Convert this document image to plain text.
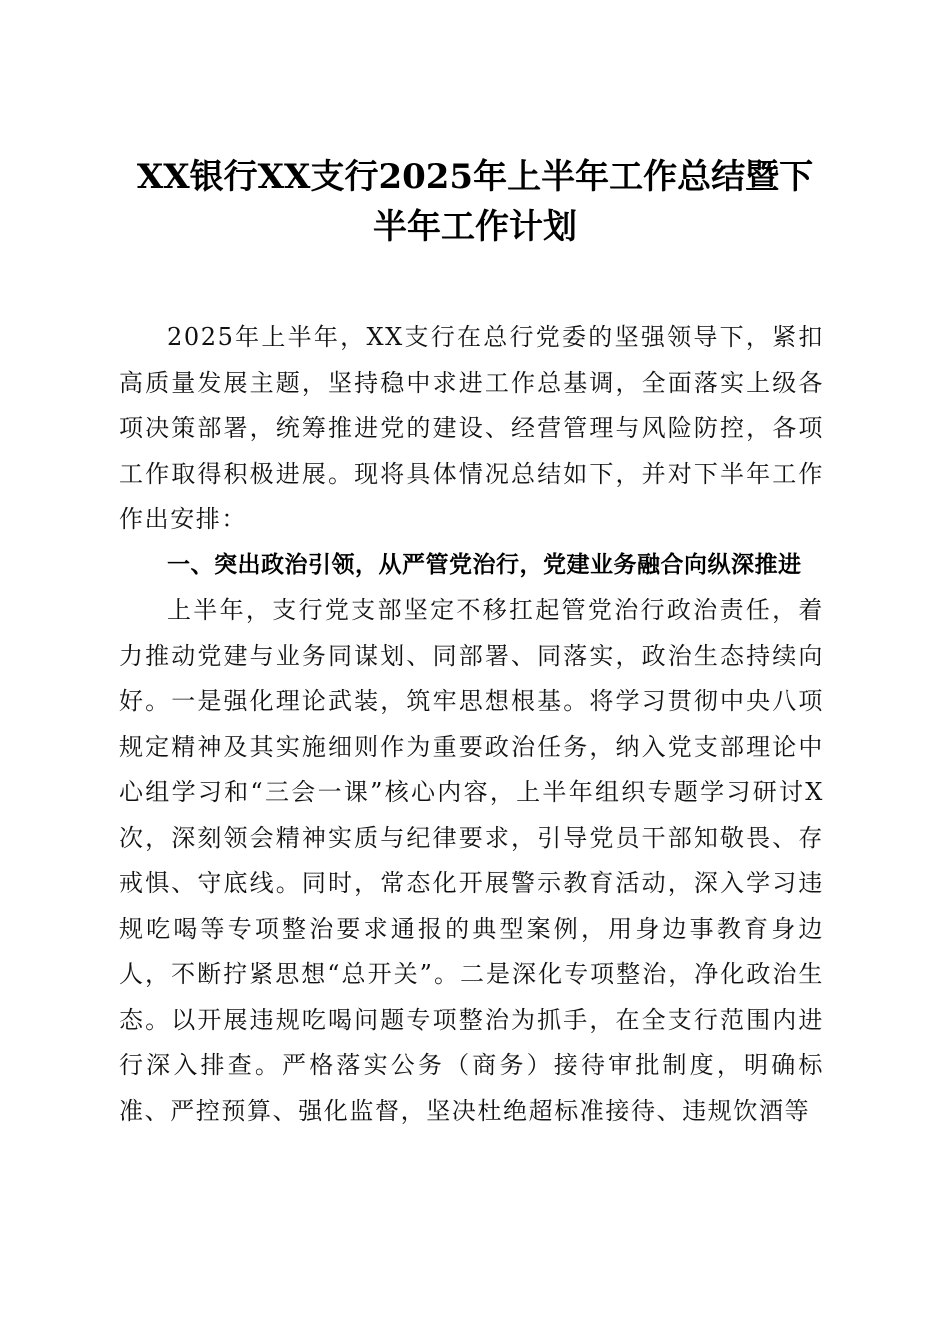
XX银行XX支行2025年上半年工作总结暨下
半年工作计划

2025年上半年，XX支行在总行党委的坚强领导下，紧扣高质量发展主题，坚持稳中求进工作总基调，全面落实上级各项决策部署，统筹推进党的建设、经营管理与风险防控，各项工作取得积极进展。现将具体情况总结如下，并对下半年工作作出安排：

一、突出政治引领，从严管党治行，党建业务融合向纵深推进

上半年，支行党支部坚定不移扛起管党治行政治责任，着力推动党建与业务同谋划、同部署、同落实，政治生态持续向好。一是强化理论武装，筑牢思想根基。将学习贯彻中央八项规定精神及其实施细则作为重要政治任务，纳入党支部理论中心组学习和“三会一课”核心内容，上半年组织专题学习研讨X次，深刻领会精神实质与纪律要求，引导党员干部知敬畏、存戒惧、守底线。同时，常态化开展警示教育活动，深入学习违规吃喝等专项整治要求通报的典型案例，用身边事教育身边人，不断拧紧思想“总开关”。二是深化专项整治，净化政治生态。以开展违规吃喝问题专项整治为抓手，在全支行范围内进行深入排查。严格落实公务（商务）接待审批制度，明确标准、严控预算、强化监督，坚决杜绝超标准接待、违规饮酒等
